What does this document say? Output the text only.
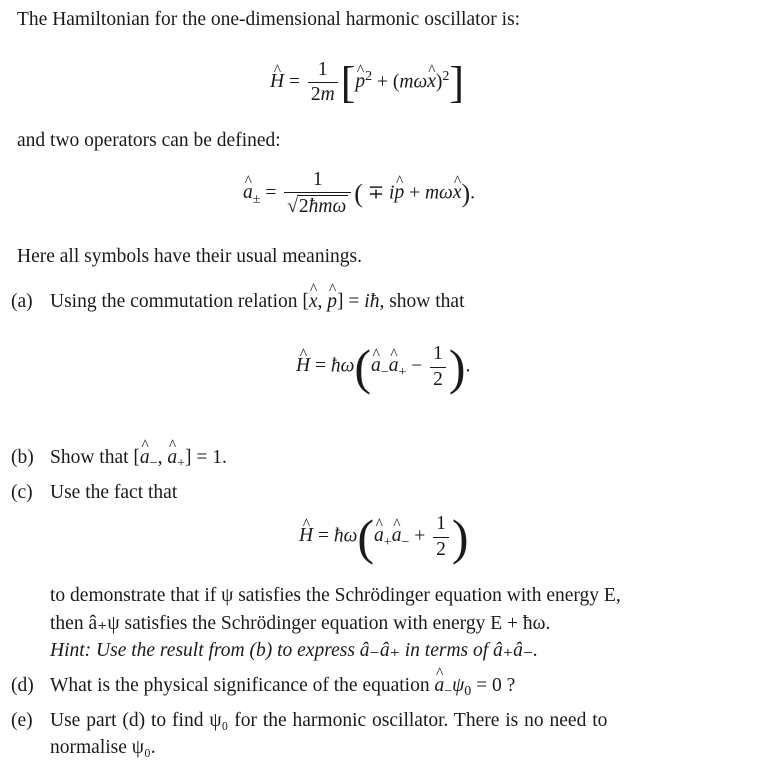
The Hamiltonian for the one-dimensional harmonic oscillator is:
^ $H = \frac{1}{2m}$ [^ $p^2$ + (mω^ x)$^2$]
and two operators can be defined:
^ $a_\pm = \frac{1}{\text{√2ħmω}}$ ( ∓ i^ p + mω^ x).
Here all symbols have their usual meanings.
(a) Using the commutation relation [^ x, ^ p] = iħ, show that
^ H = ħω(^ $a_-\^{}$ $a_+ - \frac{1}{2}$ ).
(b) Show that [^ $a_-$, ^ $a_+] = 1$.
(c) Use the fact that
^ H = ħω(^ $a_+\^{}$ $a_- + \frac{1}{2}$ )
to demonstrate that if ψ satisfies the Schrödinger equation with energy E,
then â₊ψ satisfies the Schrödinger equation with energy E + ħω.
Hint: Use the result from (b) to express â₋â₊ in terms of â₊â₋.
(d) What is the physical significance of the equation ^ $a_-\psi_0 = 0$ ?
(e) Use part (d) to find ψ₀ for the harmonic oscillator. There is no need to
normalise ψ₀.
